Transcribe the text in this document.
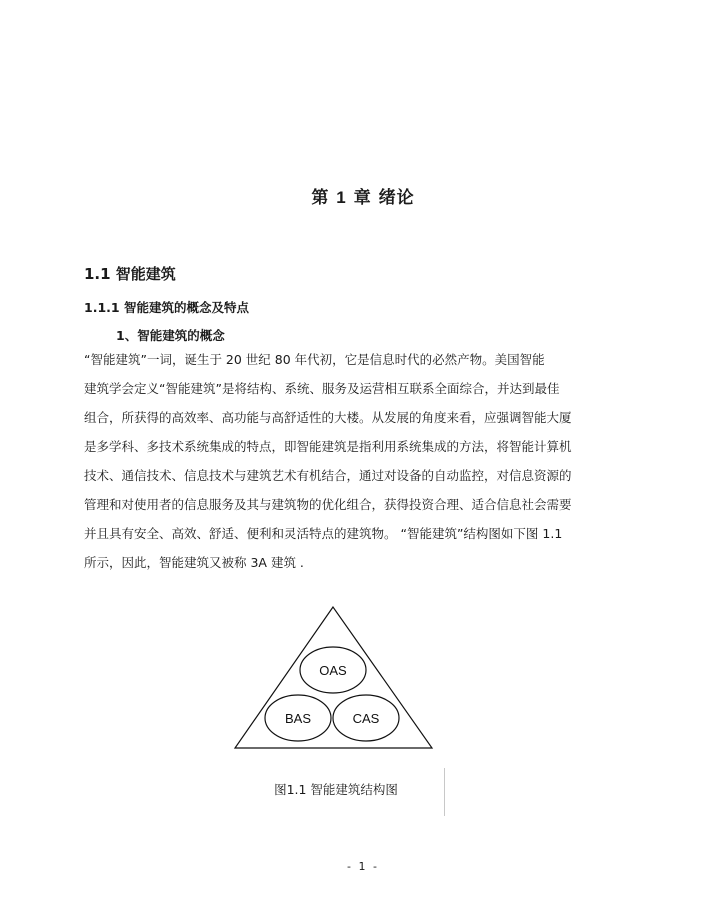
第 1 章 绪论
1.1 智能建筑
1.1.1 智能建筑的概念及特点
1、智能建筑的概念

“智能建筑”一词，诞生于 20 世纪 80 年代初，它是信息时代的必然产物。美国智能

建筑学会定义“智能建筑”是将结构、系统、服务及运营相互联系全面综合，并达到最佳

组合，所获得的高效率、高功能与高舒适性的大楼。从发展的角度来看，应强调智能大厦

是多学科、多技术系统集成的特点，即智能建筑是指利用系统集成的方法，将智能计算机

技术、通信技术、信息技术与建筑艺术有机结合，通过对设备的自动监控，对信息资源的

管理和对使用者的信息服务及其与建筑物的优化组合，获得投资合理、适合信息社会需要

并且具有安全、高效、舒适、便利和灵活特点的建筑物。 “智能建筑”结构图如下图 1.1

所示，因此，智能建筑又被称 3A 建筑 .

OAS
BAS	CAS

图1.1 智能建筑结构图

- 1 -
